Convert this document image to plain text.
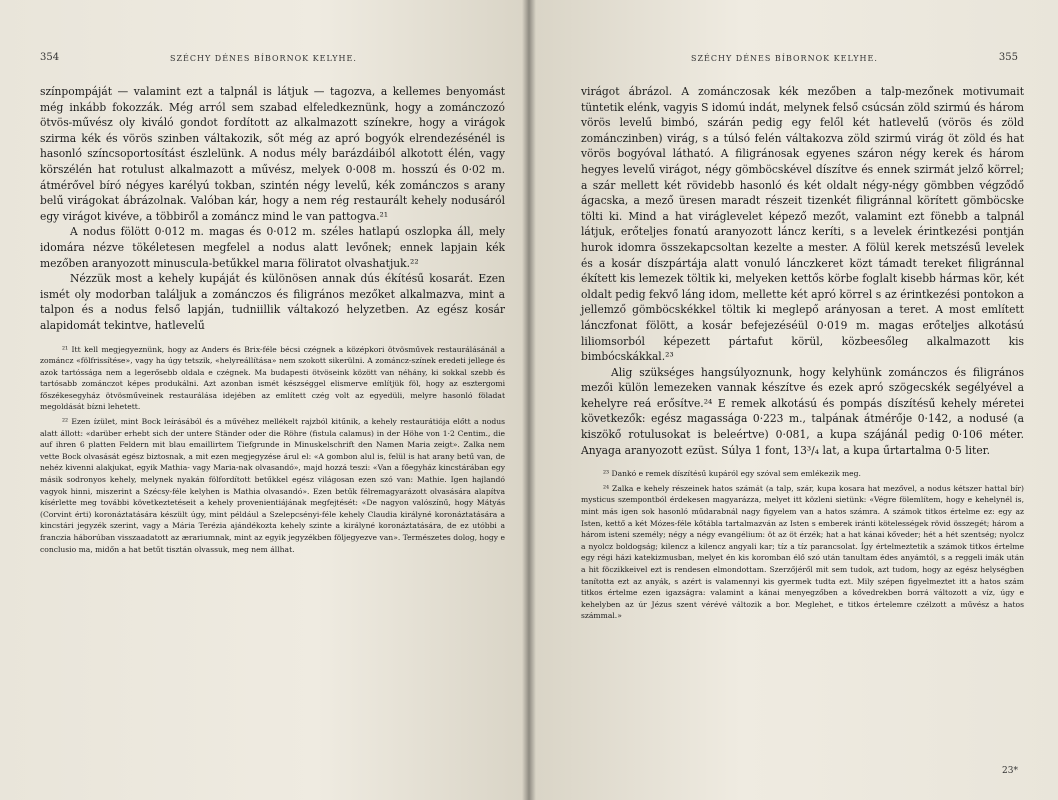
354	SZÉCHY DÉNES BÍBORNOK KELYHE.

színpompáját — valamint ezt a talpnál is látjuk — tagozva, a kellemes benyomást még inkább fokozzák. Még arról sem szabad elfeledkeznünk, hogy a zománczozó ötvös-művész oly kiváló gondot fordított az alkalmazott színekre, hogy a virágok szirma kék és vörös szinben váltakozik, sőt még az apró bogyók elrendezésénél is hasonló színcsoportosítást észlelünk. A nodus mély barázdáiból alkotott élén, vagy körszélén hat rotulust alkalmazott a művész, melyek 0·008 m. hosszú és 0·02 m. átmérővel bíró négyes karélyú tokban, szintén négy levelű, kék zománczos s arany belű virágokat ábrázolnak. Valóban kár, hogy a nem rég restaurált kehely nodusáról egy virágot kivéve, a többiről a zománcz mind le van pattogva.²¹

A nodus fölött 0·012 m. magas és 0·012 m. széles hatlapú oszlopka áll, mely idomára nézve tökéletesen megfelel a nodus alatt levőnek; ennek lapjain kék mezőben aranyozott minuscula-betűkkel marıa föliratot olvashatjuk.²²

Nézzük most a kehely kupáját és különösen annak dús ékítésű kosarát. Ezen ismét oly modorban találjuk a zománczos és filigrános mezőket alkalmazva, mint a talpon és a nodus felső lapján, tudniillik váltakozó helyzetben. Az egész kosár alapidomát tekintve, hatlevelű

²¹ Itt kell megjegyeznünk, hogy az Anders és Brix-féle bécsi czégnek a középkori ötvösművek restaurálásánál a zománcz «fölfrissítése», vagy ha úgy tetszik, «helyreállítása» nem szokott sikerülni. A zománcz-színek eredeti jellege és azok tartóssága nem a legerősebb oldala e czégnek. Ma budapesti ötvöseink között van néhány, ki sokkal szebb és tartósabb zománczot képes produkálni. Azt azonban ismét készséggel elismerve említjük föl, hogy az esztergomi főszékesegyház ötvösműveinek restaurálása idejében az említett czég volt az egyedüli, melyre hasonló föladat megoldását bízni lehetett.

²² Ezen ízület, mint Bock leírásából és a művéhez mellékelt rajzból kitűnik, a kehely restaurátiója előtt a nodus alatt állott: «darüber erhebt sich der untere Ständer oder die Röhre (fistula calamus) in der Höhe von 1·2 Centim., die auf ihren 6 platten Feldern mit blau emaillirtem Tiefgrunde in Minuskelschrift den Namen Maria zeigt». Zalka nem vette Bock olvasását egész biztosnak, a mit ezen megjegyzése árul el: «A gombon alul is, felül is hat arany betű van, de nehéz kivenni alakjukat, egyik Mathia- vagy Maria-nak olvasandó», majd hozzá teszi: «Van a főegyház kincstárában egy másik sodronyos kehely, melynek nyakán fölfordított betűkkel egész világosan ezen szó van: Mathie. Igen hajlandó vagyok hinni, miszerint a Szécsy-féle kelyhen is Mathia olvasandó». Ezen betűk félremagyarázott olvasására alapítva kísérlette meg további következtetéseit a kehely provenientiájának megfejtését: «De nagyon valószínű, hogy Mátyás (Corvint érti) koronáztatására készült úgy, mint például a Szelepcsényi-féle kehely Claudia királyné koronáztatására a kincstári jegyzék szerint, vagy a Mária Terézia ajándékozta kehely szinte a királyné koronáztatására, de ez utóbbi a franczia háborúban visszaadatott az ærariumnak, mint az egyik jegyzékben följegyezve van». Természetes dolog, hogy e conclusio ma, midőn a hat betűt tisztán olvassuk, meg nem állhat.

SZÉCHY DÉNES BÍBORNOK KELYHE.	355

virágot ábrázol. A zománczosak kék mezőben a talp-mezőnek motivumait tüntetik elénk, vagyis S idomú indát, melynek felső csúcsán zöld szirmú és három vörös levelű bimbó, szárán pedig egy felől két hatlevelű (vörös és zöld zománczinben) virág, s a túlsó felén váltakozva zöld szirmú virág öt zöld és hat vörös bogyóval látható. A filigránosak egyenes száron négy kerek és három hegyes levelű virágot, négy gömböcskével díszítve és ennek szirmát jelző körrel; a szár mellett két rövidebb hasonló és két oldalt négy-négy gömbben végződő ágacska, a mező üresen maradt részeit tizenkét filigránnal körített gömböcske tölti ki. Mind a hat viráglevelet képező mezőt, valamint ezt fönebb a talpnál látjuk, erőteljes fonatú aranyozott láncz keríti, s a levelek érintkezési pontján hurok idomra összekapcsoltan kezelte a mester. A fölül kerek metszésű levelek és a kosár díszpártája alatt vonuló lánczkeret közt támadt tereket filigránnal ékített kis lemezek töltik ki, melyeken kettős körbe foglalt kisebb hármas kör, két oldalt pedig fekvő láng idom, mellette két apró körrel s az érintkezési pontokon a jellemző gömböcskékkel töltik ki meglepő arányosan a teret. A most említett lánczfonat fölött, a kosár befejezéséül 0·019 m. magas erőteljes alkotású liliomsorból képezett pártafut körül, közbeesőleg alkalmazott kis bimbócskákkal.²³

Alig szükséges hangsúlyoznunk, hogy kelyhünk zománczos és filigrános mezői külön lemezeken vannak készítve és ezek apró szögecskék segélyével a kehelyre reá erősítve.²⁴ E remek alkotású és pompás díszítésű kehely méretei következők: egész magassága 0·223 m., talpának átmérője 0·142, a nodusé (a kiszökő rotulusokat is beleértve) 0·081, a kupa szájánál pedig 0·106 méter. Anyaga aranyozott ezüst. Súlya 1 font, 13³/₄ lat, a kupa űrtartalma 0·5 liter.

²³ Dankó e remek díszítésű kupáról egy szóval sem emlékezik meg.

²⁴ Zalka e kehely részeinek hatos számát (a talp, szár, kupa kosara hat mezővel, a nodus kétszer hattal bír) mysticus szempontból érdekesen magyarázza, melyet itt közleni sietünk: «Végre fölemlítem, hogy e kehelynél is, mint más igen sok hasonló műdarabnál nagy figyelem van a hatos számra. A számok titkos értelme ez: egy az Isten, kettő a két Mózes-féle kőtábla tartalmazván az Isten s emberek iránti kötelességek rövid összegét; három a három isteni személy; négy a négy evangélium: öt az öt érzék; hat a hat kánai kőveder; hét a hét szentség; nyolcz a nyolcz boldogság; kilencz a kilencz angyali kar; tíz a tíz parancsolat. Így értelmeztetik a számok titkos értelme egy régi házi katekizmusban, melyet én kis koromban élő szó után tanultam édes anyámtól, s a reggeli imák után a hit föczikkeivel ezt is rendesen elmondottam. Szerzőjéről mit sem tudok, azt tudom, hogy az egész helységben tanította ezt az anyák, s azért is valamennyi kis gyermek tudta ezt. Mily szépen figyelmeztet itt a hatos szám titkos értelme ezen igazságra: valamint a kánai menyegzőben a kővedrekben borrá változott a víz, úgy e kehelyben az úr Jézus szent vérévé változik a bor. Meglehet, e titkos értelemre czélzott a művész a hatos számmal.»

23*
